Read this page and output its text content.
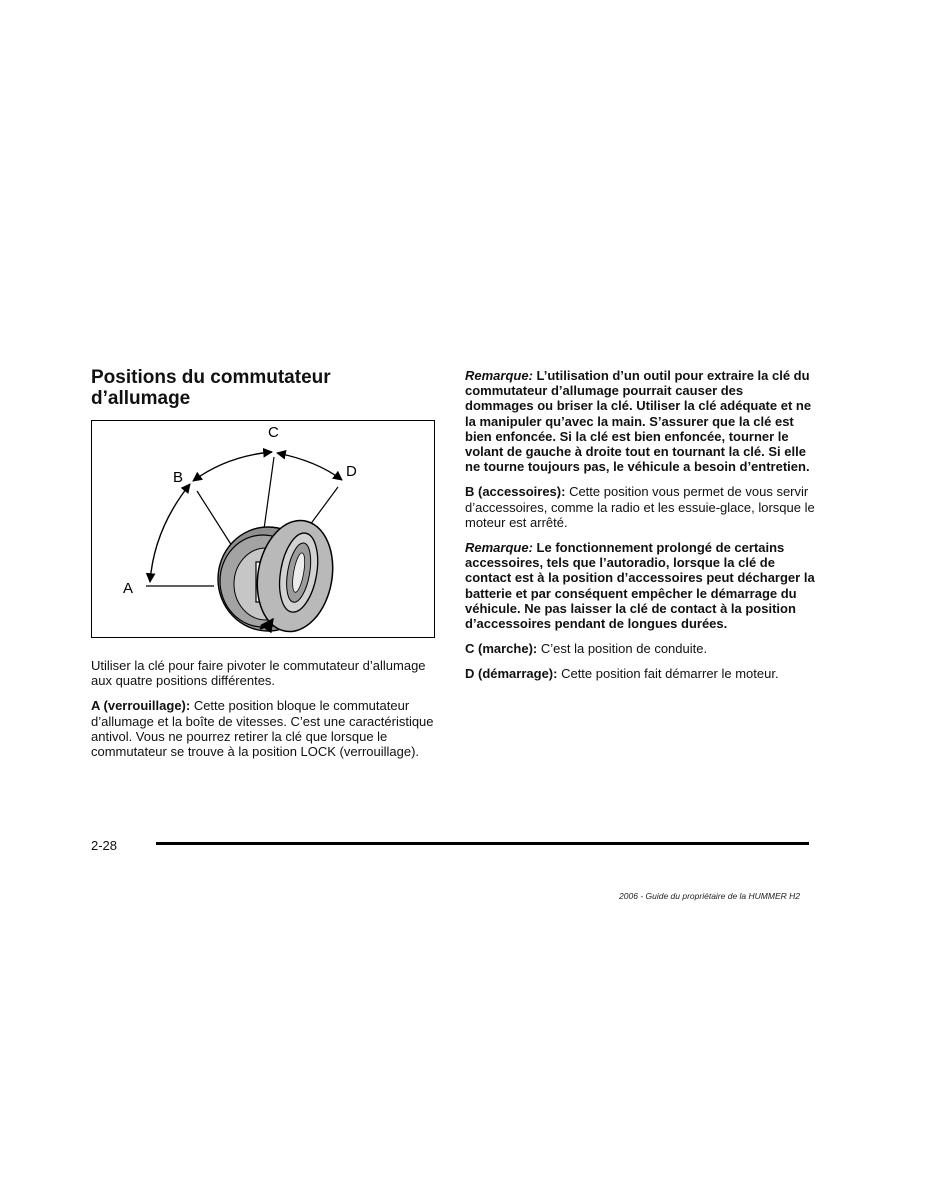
Positions du commutateur
d’allumage
A
B
C
D

Utiliser la clé pour faire pivoter le commutateur d’allumage aux quatre positions différentes.

A (verrouillage): Cette position bloque le commutateur d’allumage et la boîte de vitesses. C’est une caractéristique antivol. Vous ne pourrez retirer la clé que lorsque le commutateur se trouve à la position LOCK (verrouillage).

Remarque: L’utilisation d’un outil pour extraire la clé du commutateur d’allumage pourrait causer des dommages ou briser la clé. Utiliser la clé adéquate et ne la manipuler qu’avec la main. S’assurer que la clé est bien enfoncée. Si la clé est bien enfoncée, tourner le volant de gauche à droite tout en tournant la clé. Si elle ne tourne toujours pas, le véhicule a besoin d’entretien.

B (accessoires): Cette position vous permet de vous servir d’accessoires, comme la radio et les essuie-glace, lorsque le moteur est arrêté.

Remarque: Le fonctionnement prolongé de certains accessoires, tels que l’autoradio, lorsque la clé de contact est à la position d’accessoires peut décharger la batterie et par conséquent empêcher le démarrage du véhicule. Ne pas laisser la clé de contact à la position d’accessoires pendant de longues durées.

C (marche): C’est la position de conduite.

D (démarrage): Cette position fait démarrer le moteur.

2-28
2006 - Guide du propriétaire de la HUMMER H2
